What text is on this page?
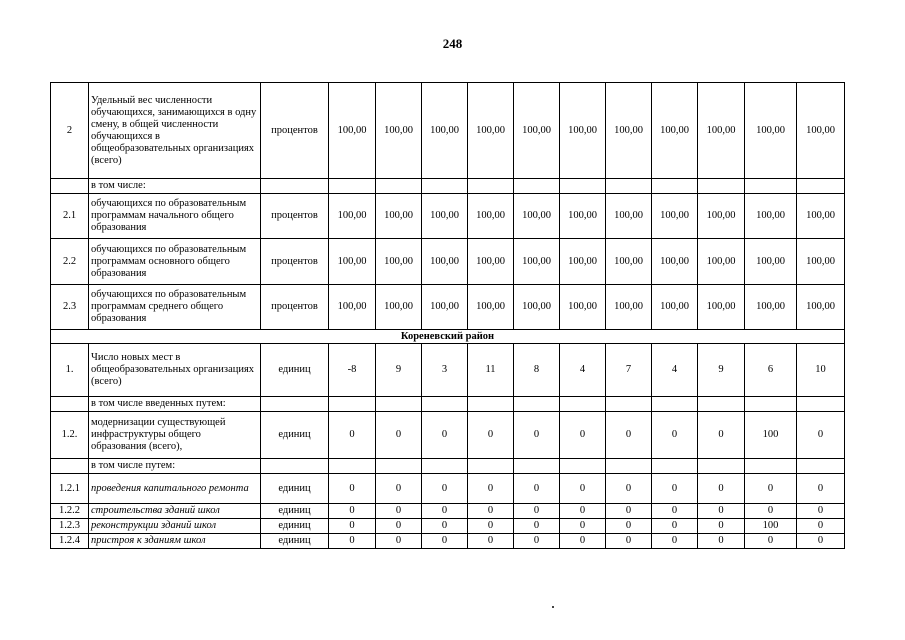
248
2	Удельный вес численности обучающихся, занимающихся в одну смену, в общей численности обучающихся в общеобразовательных организациях (всего)	процентов	100,00	100,00	100,00	100,00	100,00	100,00	100,00	100,00	100,00	100,00	100,00
	в том числе:												
2.1	обучающихся по образовательным программам начального общего образования	процентов	100,00	100,00	100,00	100,00	100,00	100,00	100,00	100,00	100,00	100,00	100,00
2.2	обучающихся по образовательным программам основного общего образования	процентов	100,00	100,00	100,00	100,00	100,00	100,00	100,00	100,00	100,00	100,00	100,00
2.3	обучающихся по образовательным программам среднего общего образования	процентов	100,00	100,00	100,00	100,00	100,00	100,00	100,00	100,00	100,00	100,00	100,00
Кореневский район													
1.	Число новых мест в общеобразовательных организациях (всего)	единиц	-8	9	3	11	8	4	7	4	9	6	10
	в том числе введенных путем:												
1.2.	модернизации существующей инфраструктуры общего образования (всего),	единиц	0	0	0	0	0	0	0	0	0	100	0
	в том числе путем:												
1.2.1	проведения капитального ремонта	единиц	0	0	0	0	0	0	0	0	0	0	0
1.2.2	строительства зданий школ	единиц	0	0	0	0	0	0	0	0	0	0	0
1.2.3	реконструкции зданий школ	единиц	0	0	0	0	0	0	0	0	0	100	0
1.2.4	пристроя к зданиям школ	единиц	0	0	0	0	0	0	0	0	0	0	0
